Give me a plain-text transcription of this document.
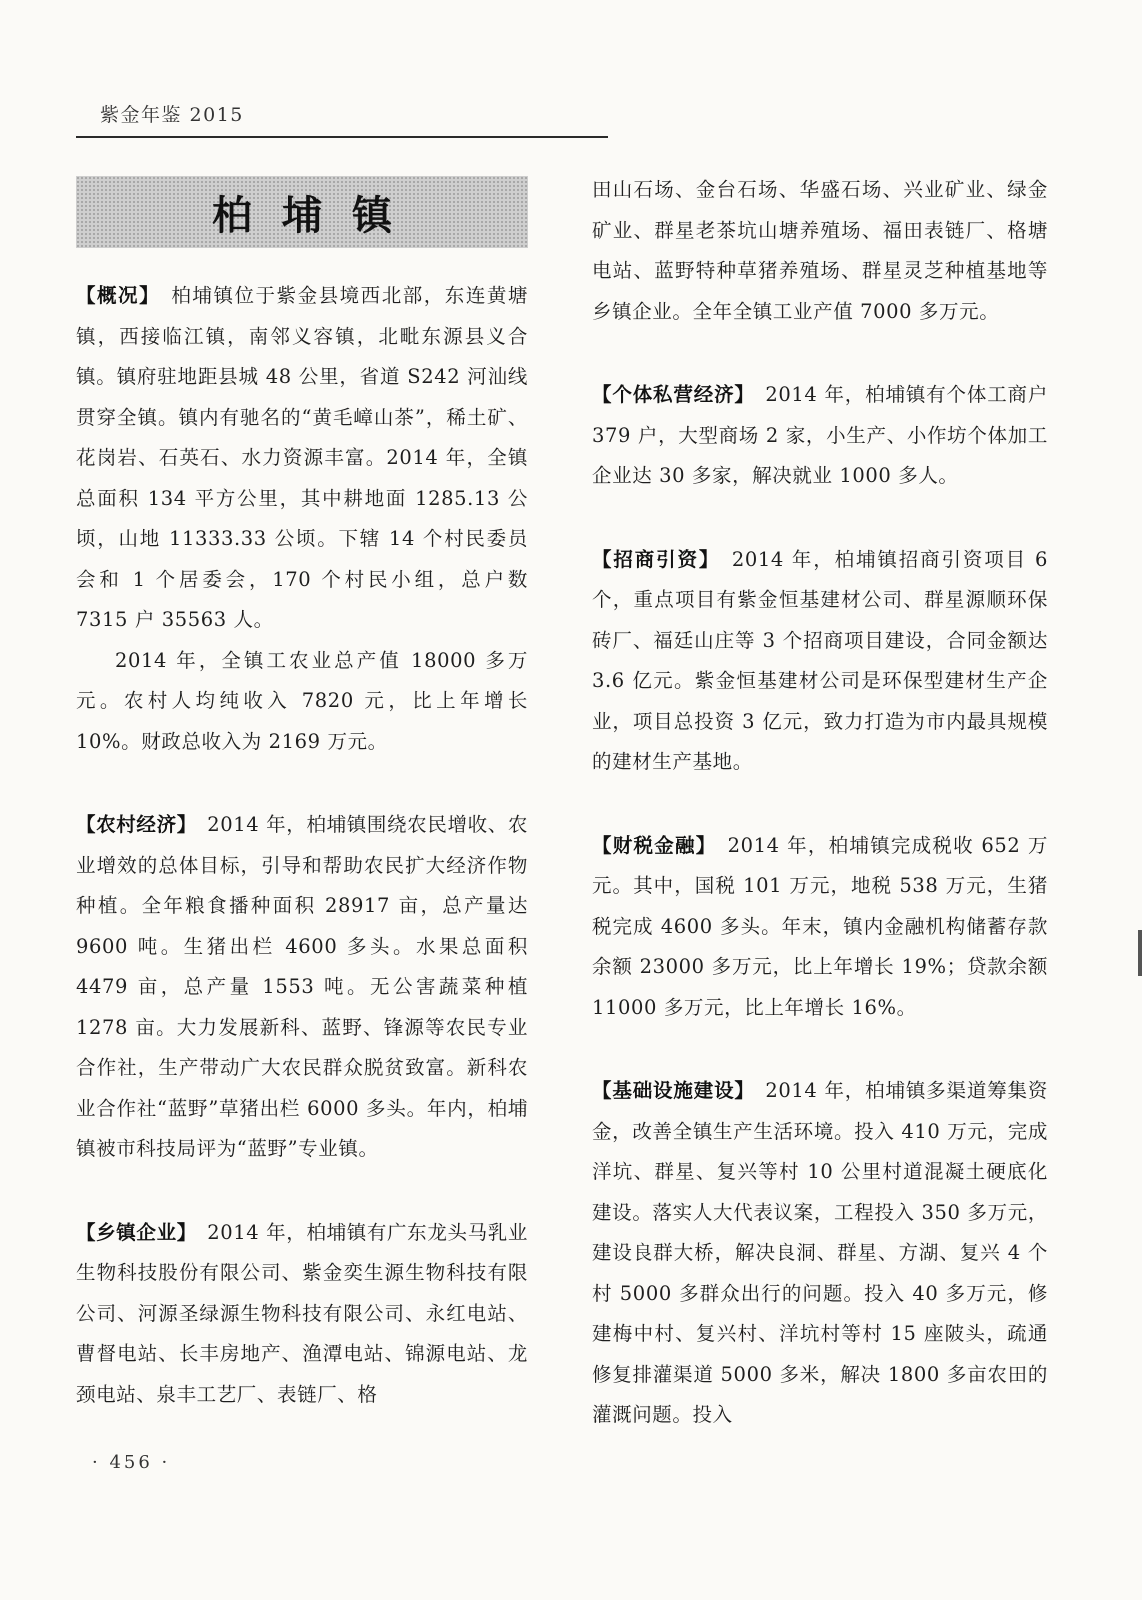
紫金年鉴 2015
柏埔镇

【概况】 柏埔镇位于紫金县境西北部，东连黄塘镇，西接临江镇，南邻义容镇，北毗东源县义合镇。镇府驻地距县城 48 公里，省道 S242 河汕线贯穿全镇。镇内有驰名的“黄毛嶂山茶”，稀土矿、花岗岩、石英石、水力资源丰富。2014 年，全镇总面积 134 平方公里，其中耕地面 1285.13 公顷，山地 11333.33 公顷。下辖 14 个村民委员会和 1 个居委会，170 个村民小组，总户数 7315 户 35563 人。

2014 年，全镇工农业总产值 18000 多万元。农村人均纯收入 7820 元，比上年增长 10%。财政总收入为 2169 万元。

【农村经济】 2014 年，柏埔镇围绕农民增收、农业增效的总体目标，引导和帮助农民扩大经济作物种植。全年粮食播种面积 28917 亩，总产量达 9600 吨。生猪出栏 4600 多头。水果总面积 4479 亩，总产量 1553 吨。无公害蔬菜种植 1278 亩。大力发展新科、蓝野、锋源等农民专业合作社，生产带动广大农民群众脱贫致富。新科农业合作社“蓝野”草猪出栏 6000 多头。年内，柏埔镇被市科技局评为“蓝野”专业镇。

【乡镇企业】 2014 年，柏埔镇有广东龙头马乳业生物科技股份有限公司、紫金奕生源生物科技有限公司、河源圣绿源生物科技有限公司、永红电站、曹督电站、长丰房地产、渔潭电站、锦源电站、龙颈电站、泉丰工艺厂、表链厂、格

田山石场、金台石场、华盛石场、兴业矿业、绿金矿业、群星老茶坑山塘养殖场、福田表链厂、格塘电站、蓝野特种草猪养殖场、群星灵芝种植基地等乡镇企业。全年全镇工业产值 7000 多万元。

【个体私营经济】 2014 年，柏埔镇有个体工商户 379 户，大型商场 2 家，小生产、小作坊个体加工企业达 30 多家，解决就业 1000 多人。

【招商引资】 2014 年，柏埔镇招商引资项目 6 个，重点项目有紫金恒基建材公司、群星源顺环保砖厂、福廷山庄等 3 个招商项目建设，合同金额达 3.6 亿元。紫金恒基建材公司是环保型建材生产企业，项目总投资 3 亿元，致力打造为市内最具规模的建材生产基地。

【财税金融】 2014 年，柏埔镇完成税收 652 万元。其中，国税 101 万元，地税 538 万元，生猪税完成 4600 多头。年末，镇内金融机构储蓄存款余额 23000 多万元，比上年增长 19%；贷款余额 11000 多万元，比上年增长 16%。

【基础设施建设】 2014 年，柏埔镇多渠道筹集资金，改善全镇生产生活环境。投入 410 万元，完成洋坑、群星、复兴等村 10 公里村道混凝土硬底化建设。落实人大代表议案，工程投入 350 多万元，建设良群大桥，解决良洞、群星、方湖、复兴 4 个村 5000 多群众出行的问题。投入 40 多万元，修建梅中村、复兴村、洋坑村等村 15 座陂头，疏通修复排灌渠道 5000 多米，解决 1800 多亩农田的灌溉问题。投入

· 456 ·
